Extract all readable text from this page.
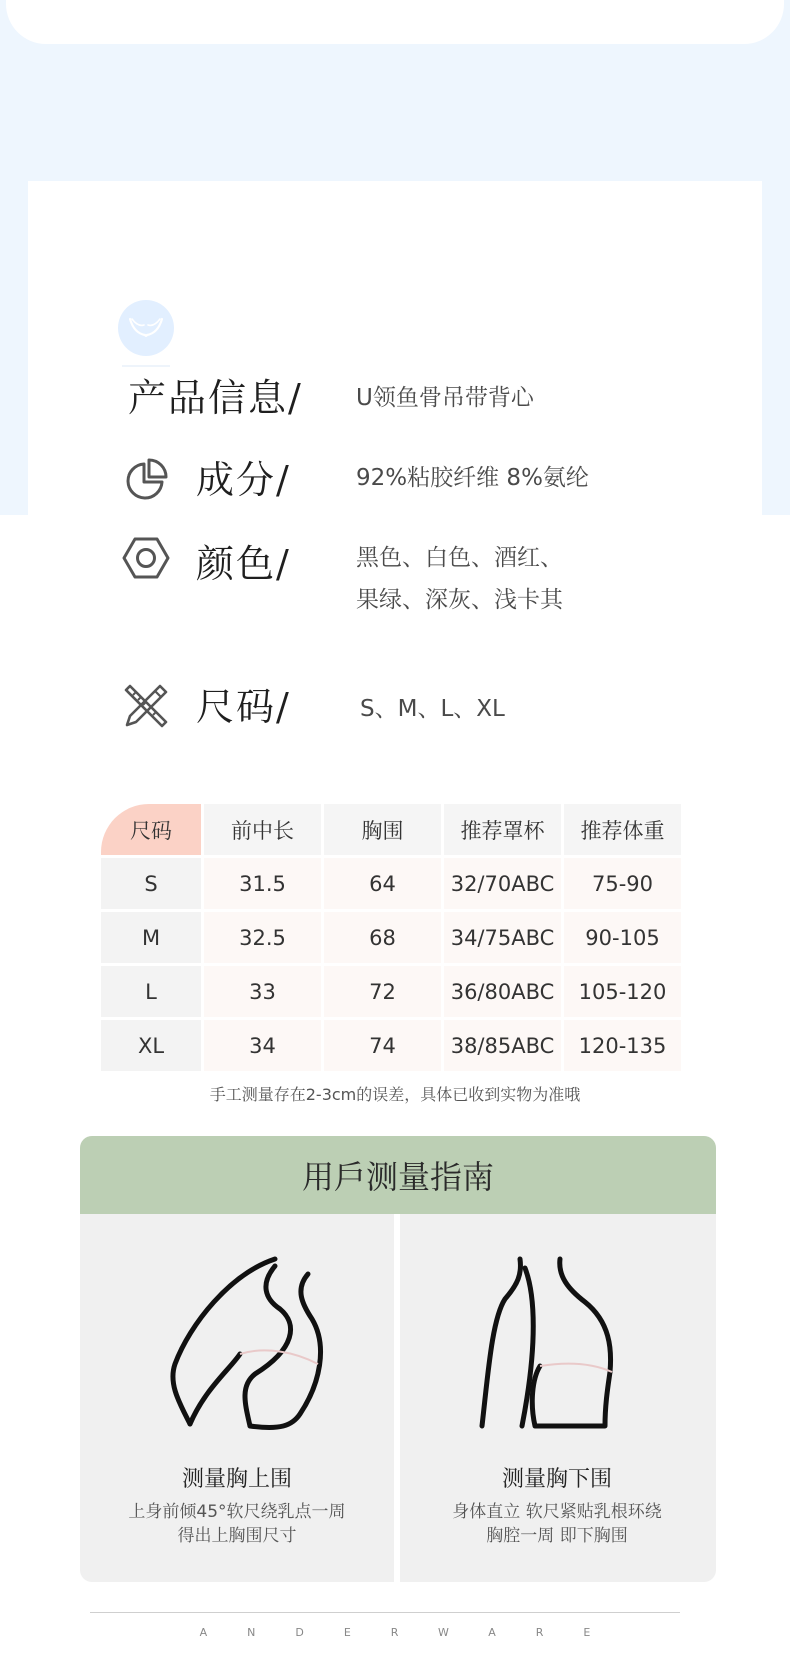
产品信息/ U领鱼骨吊带背心
成分/	92%粘胶纤维 8%氨纶
颜色/	黑色、白色、酒红、
果绿、深灰、浅卡其
尺码/	S、M、L、XL
尺码	前中长	胸围	推荐罩杯	推荐体重
S	31.5	64	32/70ABC	75-90
M	32.5	68	34/75ABC	90-105
L	33	72	36/80ABC	105-120
XL	34	74	38/85ABC	120-135
手工测量存在2-3cm的误差，具体已收到实物为准哦
用戶测量指南
测量胸上围
上身前倾45°软尺绕乳点一周
得出上胸围尺寸
测量胸下围
身体直立 软尺紧贴乳根环绕
胸腔一周 即下胸围
ANDERWARE
